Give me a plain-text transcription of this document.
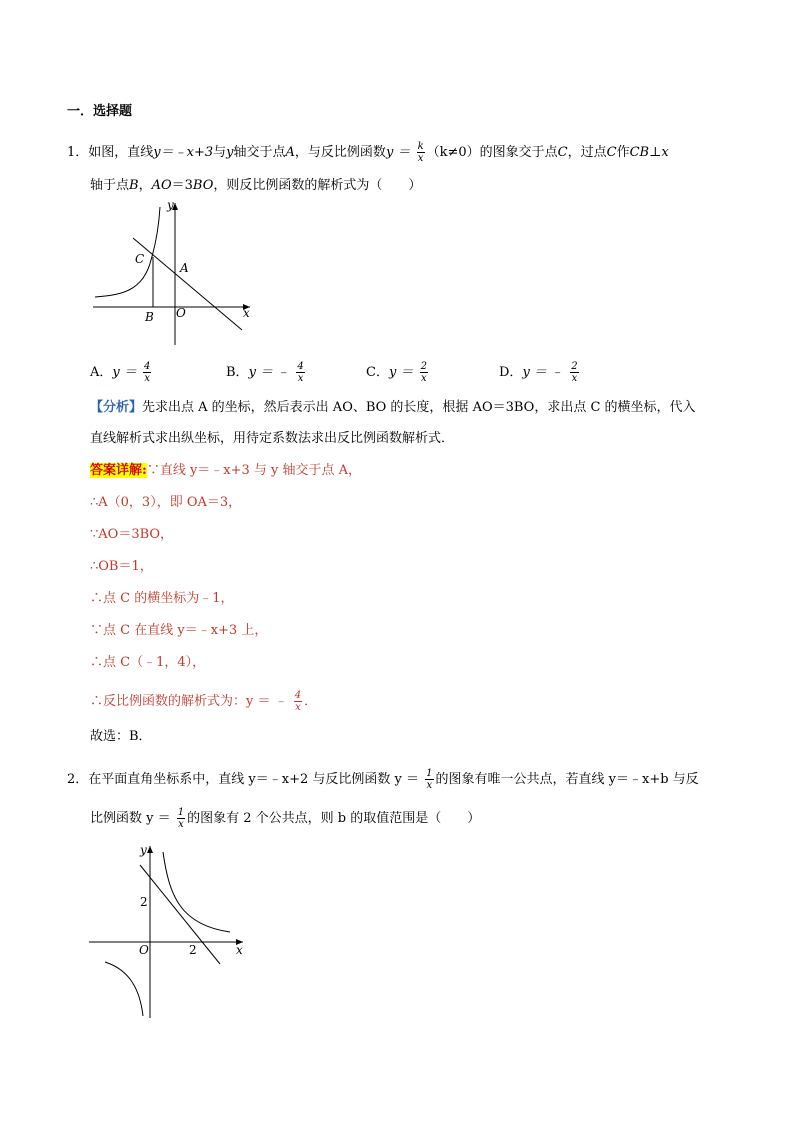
一．选择题
1．如图，直线y＝﹣x+3与y轴交于点A，与反比例函数$y = \frac{k}{x} (k\ne 0)$的图象交于点C，过点C作CB⊥x
轴于点B，AO＝3BO，则反比例函数的解析式为（　　）
C
A
B O	x
y
A．$y = \frac{4}{x}$	B．y ＝ ﹣ $\frac{4}{x}$	C．$y = \frac{2}{x}$	D．y ＝ ﹣ $\frac{2}{x}$
【分析】先求出点 A 的坐标，然后表示出 AO、BO 的长度，根据 AO＝3BO，求出点 C 的横坐标，代入
直线解析式求出纵坐标，用待定系数法求出反比例函数解析式．
答案详解:∵直线 y＝﹣x+3 与 y 轴交于点 A，
∴A（0，3），即 OA＝3，
∵AO＝3BO，
∴OB＝1，
∴点 C 的横坐标为﹣1，
∵点 C 在直线 y＝﹣x+3 上，
∴点 C（﹣1，4），
∴反比例函数的解析式为：y ＝ ﹣ $\frac{4}{x}$ ．
故选：B．
2．在平面直角坐标系中，直线 y＝﹣x+2 与反比例函数 $y = \frac{1}{x}$ 的图象有唯一公共点，若直线 y＝﹣x+b 与反
比例函数 $y = \frac{1}{x}$ 的图象有 2 个公共点，则 b 的取值范围是（　　）
y
x
O
2
2
